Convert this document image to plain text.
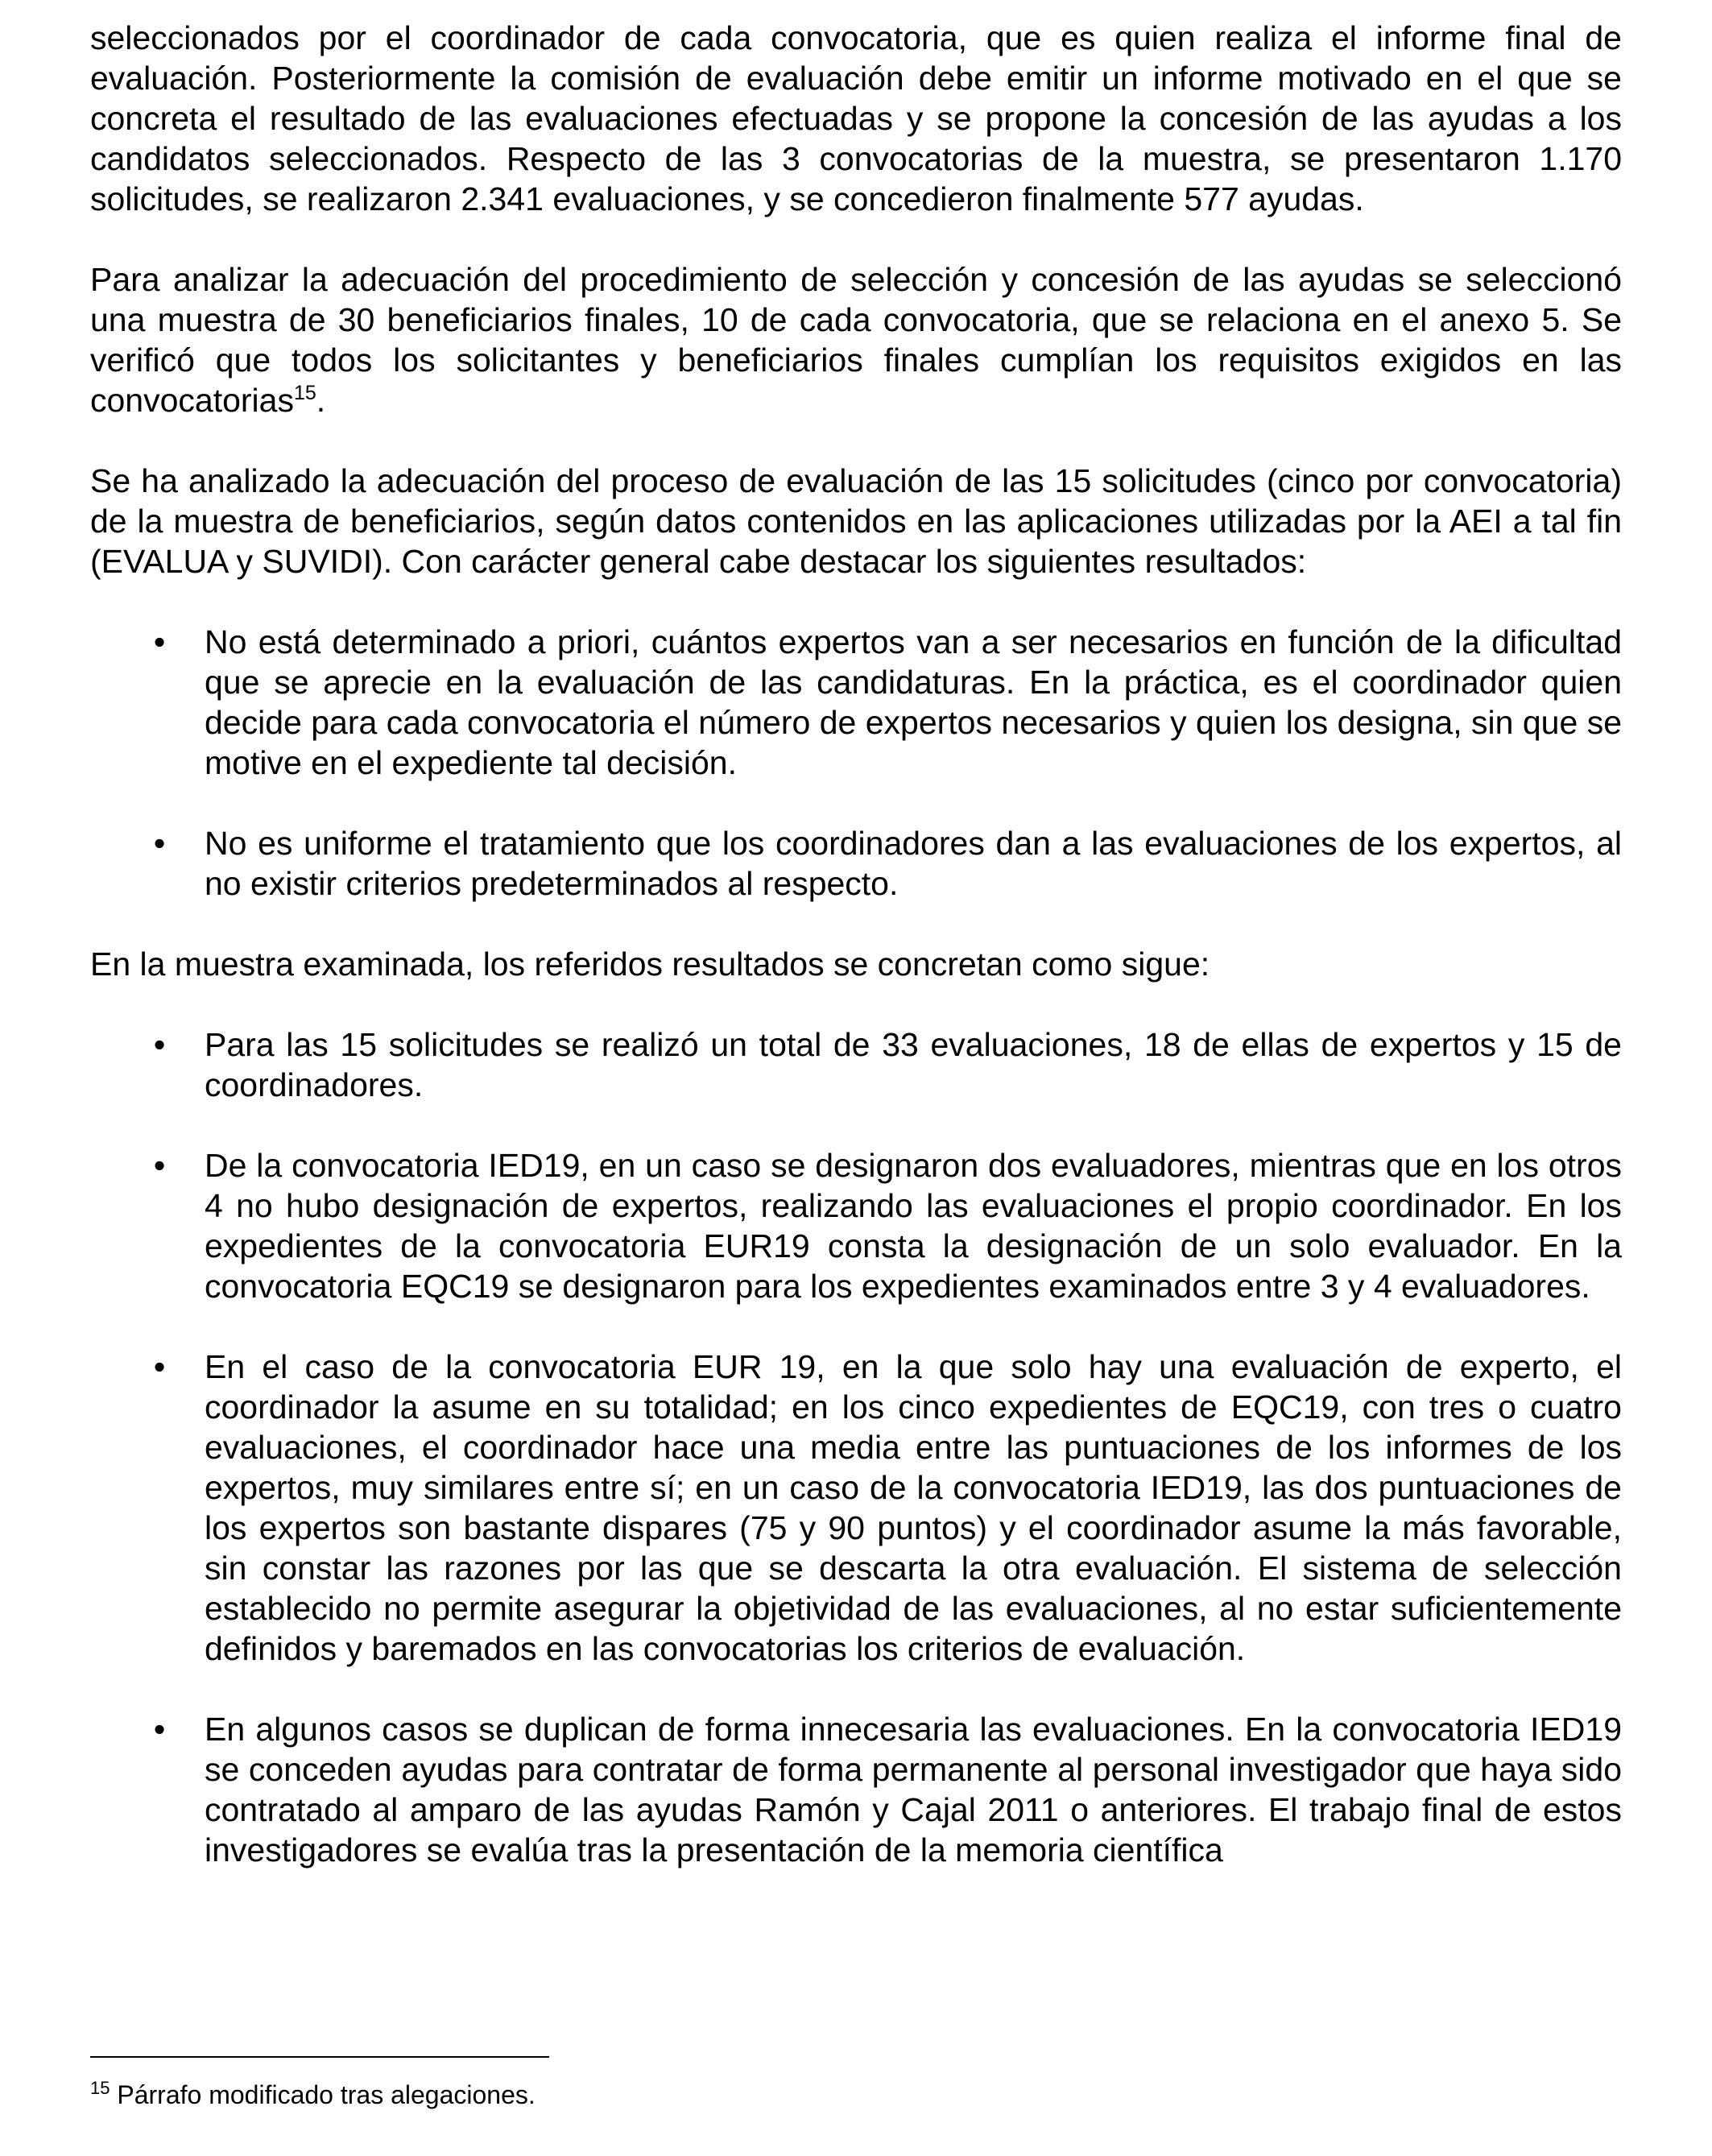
seleccionados por el coordinador de cada convocatoria, que es quien realiza el informe final de evaluación. Posteriormente la comisión de evaluación debe emitir un informe motivado en el que se concreta el resultado de las evaluaciones efectuadas y se propone la concesión de las ayudas a los candidatos seleccionados. Respecto de las 3 convocatorias de la muestra, se presentaron 1.170 solicitudes, se realizaron 2.341 evaluaciones, y se concedieron finalmente 577 ayudas.

Para analizar la adecuación del procedimiento de selección y concesión de las ayudas se seleccionó una muestra de 30 beneficiarios finales, 10 de cada convocatoria, que se relaciona en el anexo 5. Se verificó que todos los solicitantes y beneficiarios finales cumplían los requisitos exigidos en las convocatorias$^{15}$.

Se ha analizado la adecuación del proceso de evaluación de las 15 solicitudes (cinco por convocatoria) de la muestra de beneficiarios, según datos contenidos en las aplicaciones utilizadas por la AEI a tal fin (EVALUA y SUVIDI). Con carácter general cabe destacar los siguientes resultados:

• No está determinado a priori, cuántos expertos van a ser necesarios en función de la dificultad que se aprecie en la evaluación de las candidaturas. En la práctica, es el coordinador quien decide para cada convocatoria el número de expertos necesarios y quien los designa, sin que se motive en el expediente tal decisión.
• No es uniforme el tratamiento que los coordinadores dan a las evaluaciones de los expertos, al no existir criterios predeterminados al respecto.

En la muestra examinada, los referidos resultados se concretan como sigue:

• Para las 15 solicitudes se realizó un total de 33 evaluaciones, 18 de ellas de expertos y 15 de coordinadores.
• De la convocatoria IED19, en un caso se designaron dos evaluadores, mientras que en los otros 4 no hubo designación de expertos, realizando las evaluaciones el propio coordinador. En los expedientes de la convocatoria EUR19 consta la designación de un solo evaluador. En la convocatoria EQC19 se designaron para los expedientes examinados entre 3 y 4 evaluadores.
• En el caso de la convocatoria EUR 19, en la que solo hay una evaluación de experto, el coordinador la asume en su totalidad; en los cinco expedientes de EQC19, con tres o cuatro evaluaciones, el coordinador hace una media entre las puntuaciones de los informes de los expertos, muy similares entre sí; en un caso de la convocatoria IED19, las dos puntuaciones de los expertos son bastante dispares (75 y 90 puntos) y el coordinador asume la más favorable, sin constar las razones por las que se descarta la otra evaluación. El sistema de selección establecido no permite asegurar la objetividad de las evaluaciones, al no estar suficientemente definidos y baremados en las convocatorias los criterios de evaluación.
• En algunos casos se duplican de forma innecesaria las evaluaciones. En la convocatoria IED19 se conceden ayudas para contratar de forma permanente al personal investigador que haya sido contratado al amparo de las ayudas Ramón y Cajal 2011 o anteriores. El trabajo final de estos investigadores se evalúa tras la presentación de la memoria científica
$^{15}$ Párrafo modificado tras alegaciones.
